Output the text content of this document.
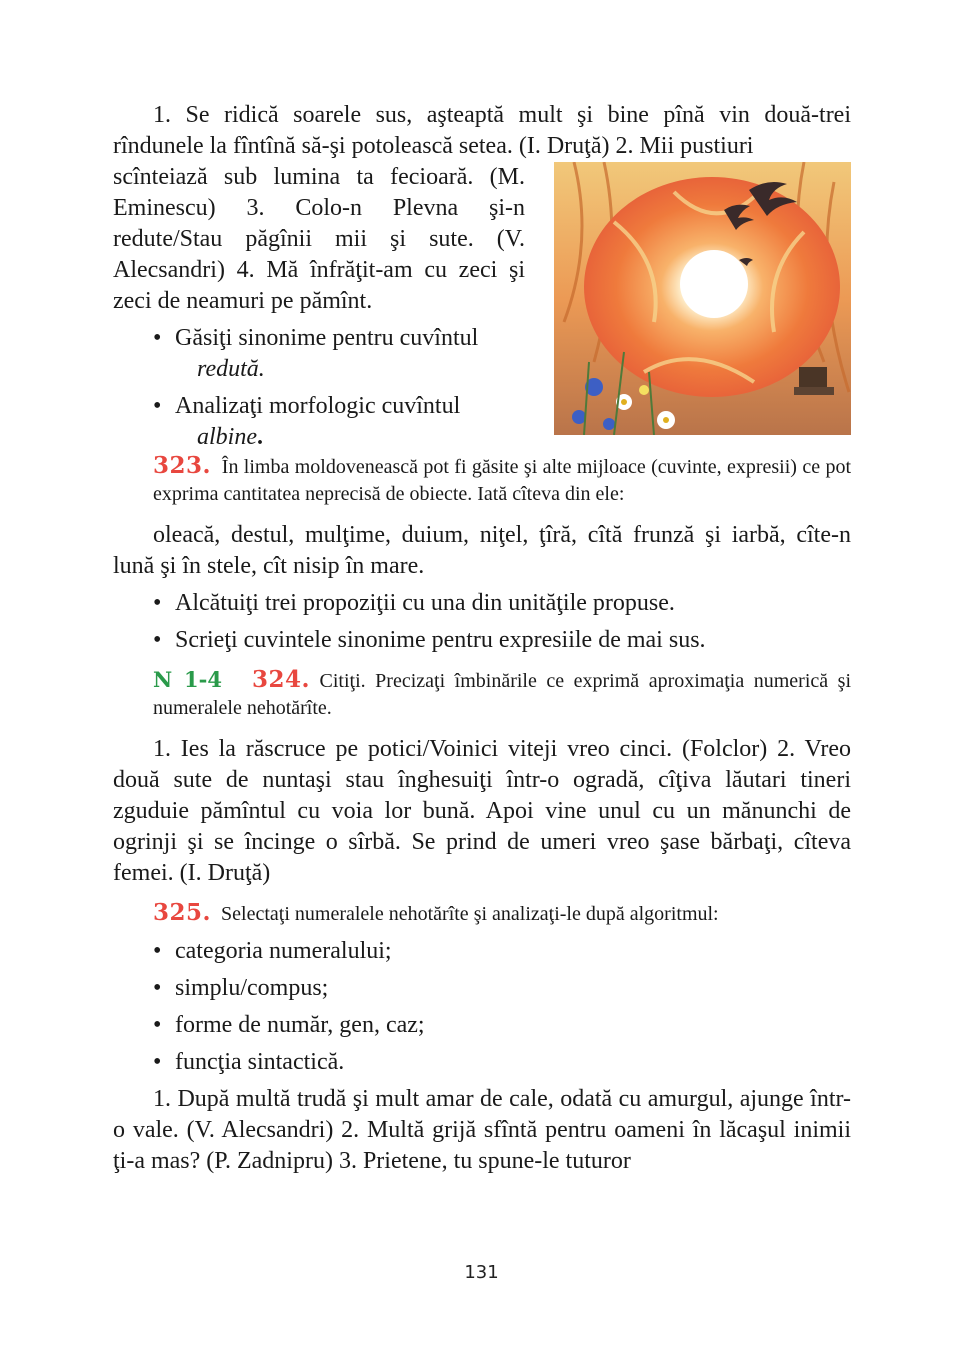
1. Se ridică soarele sus, aşteaptă mult şi bine pînă vin două-trei rîndunele la fîntînă să-şi potolească setea. (I. Druţă) 2. Mii pustiuri

scînteiază sub lumina ta fecioară. (M. Eminescu) 3. Colo-n Plevna şi-n redute/Stau păgînii mii şi sute. (V. Alecsandri) 4. Mă înfrăţit-am cu zeci şi zeci de neamuri pe pămînt.

• Găsiţi sinonime pentru cuvîntul
redută.
• Analizaţi morfologic cuvîntul
albine.

323. În limba moldovenească pot fi găsite şi alte mijloace (cuvinte, expresii) ce pot exprima cantitatea neprecisă de obiecte. Iată cîteva din ele:

oleacă, destul, mulţime, duium, niţel, ţîră, cîtă frunză şi iarbă, cîte-n lună şi în stele, cît nisip în mare.

• Alcătuiţi trei propoziţii cu una din unităţile propuse.
• Scrieţi cuvintele sinonime pentru expresiile de mai sus.

N 1-4 324. Citiţi. Precizaţi îmbinările ce exprimă aproximaţia numerică şi numeralele nehotărîte.

1. Ies la răscruce pe potici/Voinici viteji vreo cinci. (Folclor) 2. Vreo două sute de nuntaşi stau înghesuiţi într-o ogradă, cîţiva lăutari tineri zguduie pămîntul cu voia lor bună. Apoi vine unul cu un mănunchi de ogrinji şi se încinge o sîrbă. Se prind de umeri vreo şase bărbaţi, cîteva femei. (I. Druţă)

325. Selectaţi numeralele nehotărîte şi analizaţi-le după algoritmul:

• categoria numeralului;
• simplu/compus;
• forme de număr, gen, caz;
• funcţia sintactică.

1. După multă trudă şi mult amar de cale, odată cu amurgul, ajunge într-o vale. (V. Alecsandri) 2. Multă grijă sfîntă pentru oameni în lăcaşul inimii ţi-a mas? (P. Zadnipru) 3. Prietene, tu spune-le tuturor

131
